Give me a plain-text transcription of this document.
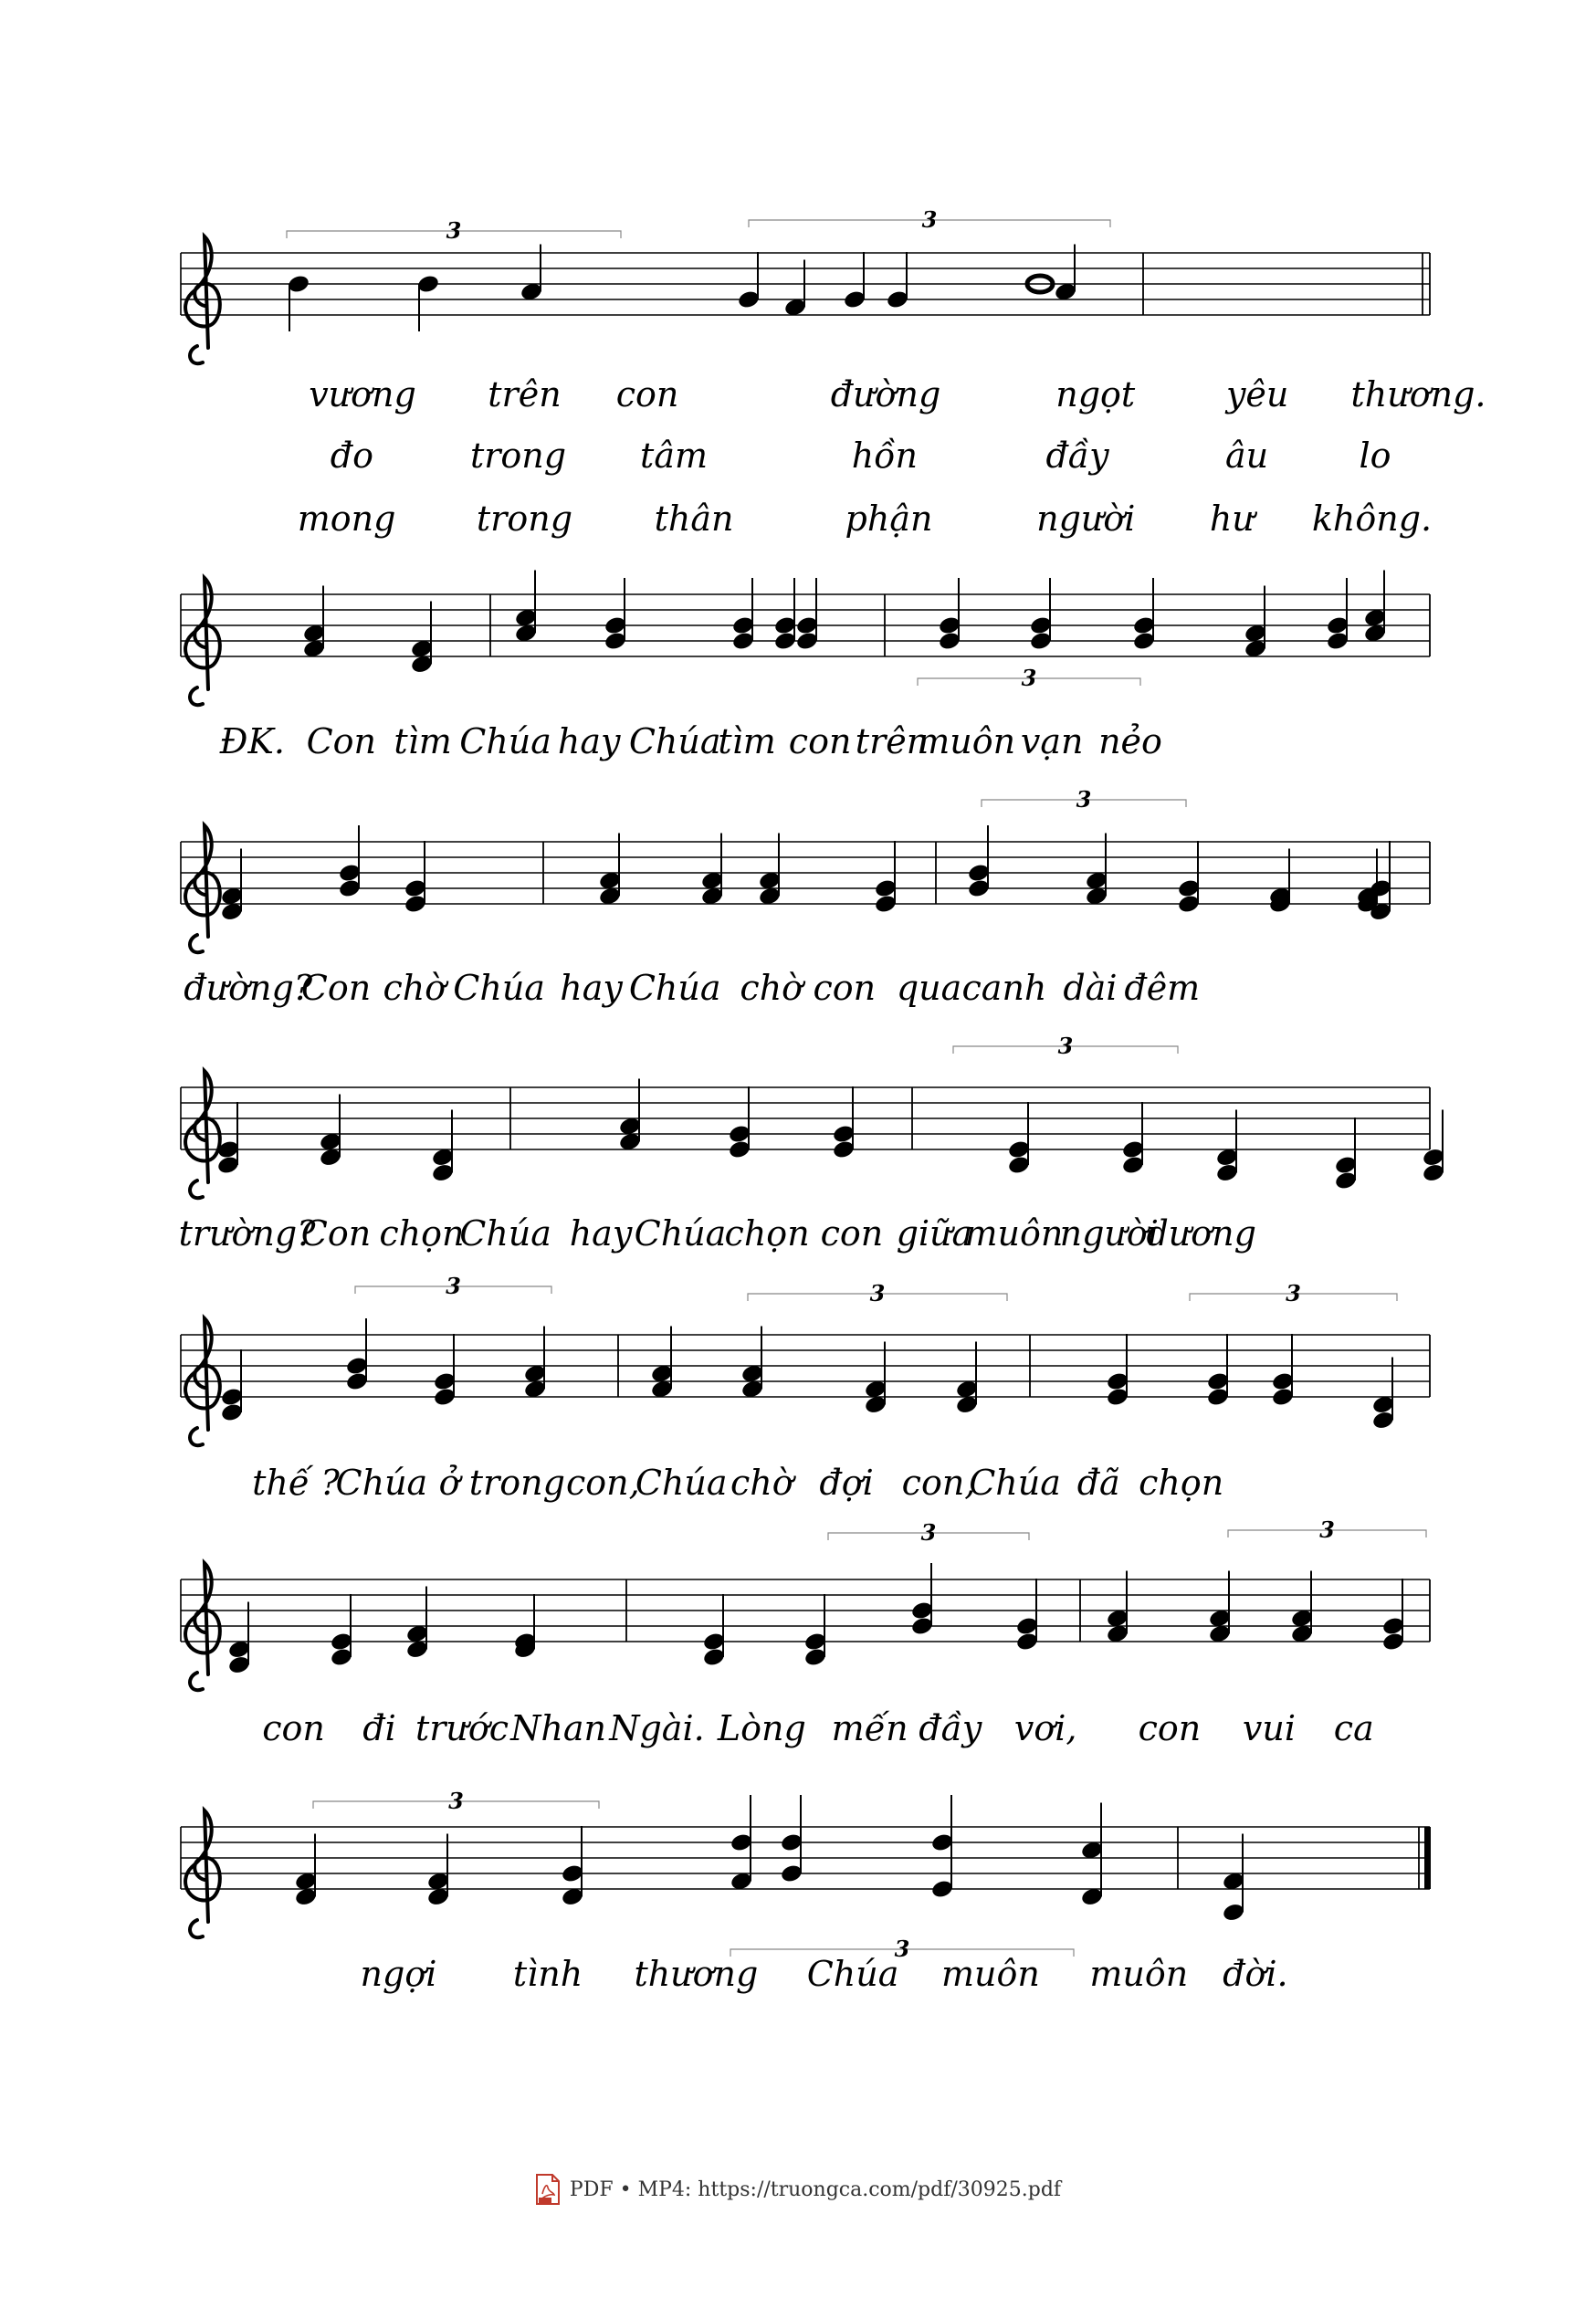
3	3
3
3
3
3	3	3
3	3
3
3
vương trên con	đường	ngọt	yêu thương.
đo	trong tâm	hồn	đầy	âu	lo
mong trong thân	phận	người hư không.
ĐK. Con tìm Chúa hay Chúa
tìm con trên
muôn vạn nẻo
đường?
Con chờ Chúa hay Chúa chờ con qua canh dài đêm
trường?
Con chọn
Chúa hay Chúa
chọn con giữa
muôn
người
dương
thế ?
Chúa ở trong con,
Chúa chờ đợi con,
Chúa đã chọn
con đi trước Nhan Ngài. Lòng mến đầy vơi, con vui ca
ngợi tình thương Chúa muôn muôn đời.
PDF • MP4: https://truongca.com/pdf/30925.pdf
